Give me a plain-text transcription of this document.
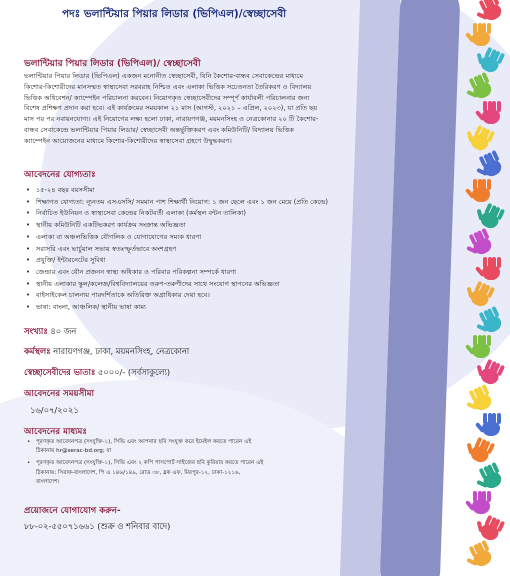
পদঃ ভলান্টিয়ার পিয়ার লিডার (ভিপিএল)/স্বেচ্ছাসেবী
ভলান্টিয়ার পিয়ার লিডার (ভিপিএল)/ স্বেচ্ছাসেবী
ভলান্টিয়ার পিয়ার লিডার (ভিপিএল) একজন মনোনীত স্বেচ্ছাসেবী, যিনি কৈশোর-বান্ধব সেবাকেন্দ্রের মাধ্যমে
কিশোর-কিশোরীদের মানসম্মত স্বাস্থ্যসেবা সরবরাহ নিশ্চিত এবং এলাকা ভিত্তিক সচেতনতা তৈরিকরণ ও বিদ্যালয়
ভিত্তিক অধিবেশন/ ক্যাম্পেইন পরিচালনা করবেন। নিয়োগকৃত স্বেচ্ছাসেবীদের সম্পূর্ণ কার্যাবলী পরিচালনার জন্য
বিশেষ প্রশিক্ষণ প্রদান করা হবে। এই কার্যক্রমের সময়কাল ২১ মাস (আগস্ট, ২০২১ – এপ্রিল, ২০২৩), যা প্রতি ছয়
মাস পর পর নবায়নযোগ্য। এই নিয়োগের লক্ষ্য হলো ঢাকা, নারায়ণগঞ্জ, ময়মনসিংহ ও নেত্রকোনার ২০ টি কৈশোর-
বান্ধব সেবাকেন্দ্রে ভলান্টিয়ার পিয়ার লিডার/ স্বেচ্ছাসেবী অন্তর্ভুক্তিকরণ এবং কমিউনিটি/ বিদ্যালয় ভিত্তিক
ক্যাম্পেইন আয়োজনের মাধ্যমে কিশোর-কিশোরীদের স্বাস্থ্যসেবা গ্রহণে উদ্বুদ্ধকরণ।
আবেদনের যোগ্যতাঃ
• ১৫-২৪ বছর বয়সসীমা
• শিক্ষাগত যোগ্যতা: ন্যূনতম এসএসসি/ সমমান পাশ শিক্ষার্থী নিয়োগ: ১ জন ছেলে এবং ১ জন মেয়ে (প্রতি কেন্দ্রে)
• নির্বাচিত ইউনিয়ন ও স্বাস্থ্যসেবা কেন্দ্রের নিকটবর্তী এলাকা (কর্মস্থল বন্টন তালিকা)
• স্থানীয় কমিউনিটি একটিভকরণ কার্যক্রম সংক্রান্ত অভিজ্ঞতা
• এলাকা বা অঞ্চলভিত্তিক যৌগলিক ও যোগাযোগের সম্যক ধারণা
• সরাসরি এবং ভার্চুয়াল সভায় স্বতঃস্ফূর্তভাবে অংশগ্রহণ
• প্রযুক্তি/ ইন্টারনেটের সুবিধা
• জেন্ডার এবং যৌন প্রজনন স্বাস্থ্য অধিকার ও পরিবার পরিকল্পনা সম্পর্কে ধারণা
• স্থানীয় এলাকার স্কুল/কলেজ/বিশ্ববিদ্যালয়ের তরুণ-তরুণীদের সাথে সংযোগ স্থাপনের অভিজ্ঞতা
• বাইসাইকেল চালনায় পারদর্শিতাকে অতিরিক্ত অগ্রাধিকার দেয়া হবে।
• ভাষা: বাংলা, আঞ্চলিক/ স্থানীয় ভাষা কাম্য
সংখ্যাঃ ৪০ জন
কর্মস্থলঃ নারায়ণগঞ্জ, ঢাকা, ময়মনসিংহ, নেত্রকোনা
স্বেচ্ছাসেবীদের ভাতাঃ ৫০০০/- (সর্বসাকুল্যে)
আবেদনের সময়সীমা
১৬/০৭/২০২১
আবেদনের মাধ্যমঃ
• পূরণকৃত আবেদনপত্র (সংযুক্তি-১), সিভি এবং আপনার ছবি সংযুক্ত করে ইমেইল করতে পারেন এই
ঠিকানায় hr@serac-bd.org; বা
• পূরণকৃত আবেদনপত্র (সংযুক্তি-১), সিভি এবং ২ কপি পাসপোর্ট সাইজের ছবি কুরিয়ার করতে পারেন এই
ঠিকানায়: সিরাক-বাংলাদেশ, পি এ ১৪৬/১৪৯, রোড ৩৮, ব্লক এফ, মিরপুর-১২, ঢাকা-১২১৬,
বাংলাদেশ।
প্রয়োজনে যোগাযোগ করুন-
৮৮-০২-৫৫০৭১৬৬১ (শুক্র ও শনিবার বাদে)
